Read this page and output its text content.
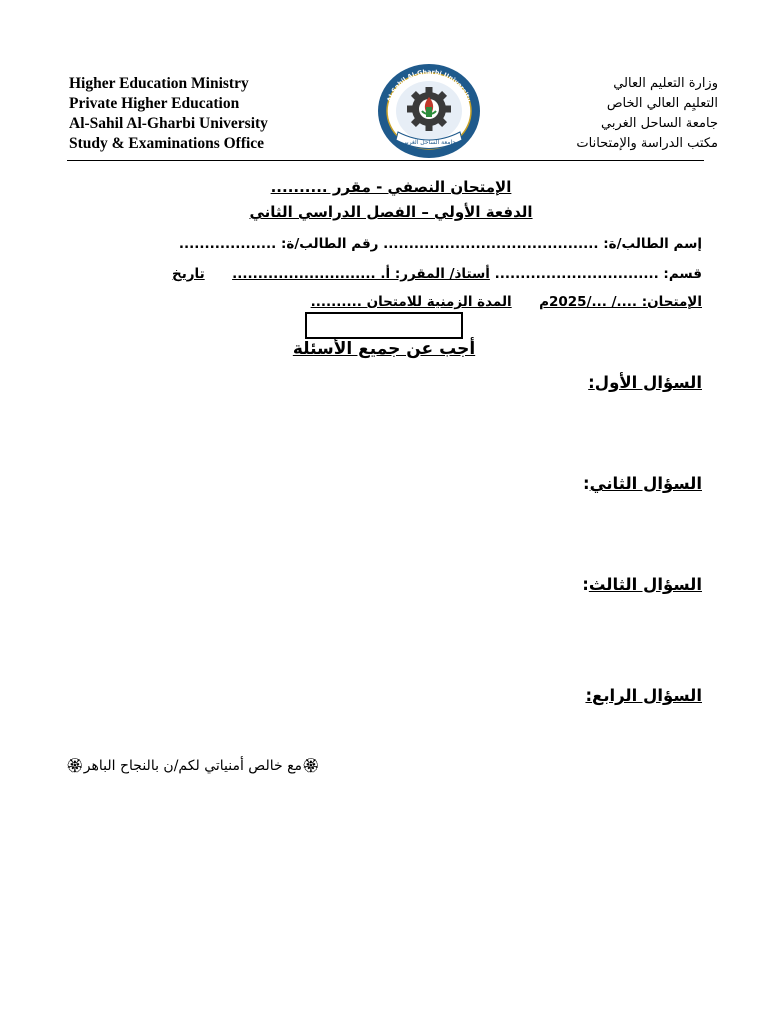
Higher Education Ministry
Private Higher Education
Al-Sahil Al-Gharbi University
Study & Examinations Office
Al-Sahil Al-Gharbi University
جامعة الساحل الغربي
وزارة التعليم العالي
التعليِم العالي الخاص
جامعة الساحل الغربي
مكتب الدراسة والإمتحانات
الإمتحان النصفي - مقرر ..........
الدفعة الأولي – الفصل الدراسي الثاني
إسم الطالب/ة: .......................................... رقم الطالب/ة: ...................
قسم: ................................ أستاذ/ المقرر: أ. ............................  تاريخ
الإمتحان: ..../ .../2025م  المدة الزمنية للامتحان ..........
أجب عن جميع الأسئلة
السؤال الأول:
السؤال الثاني:
السؤال الثالث:
السؤال الرابع:
🏵مع خالص أمنياتي لكم/ن بالنجاح الباهر🏵
